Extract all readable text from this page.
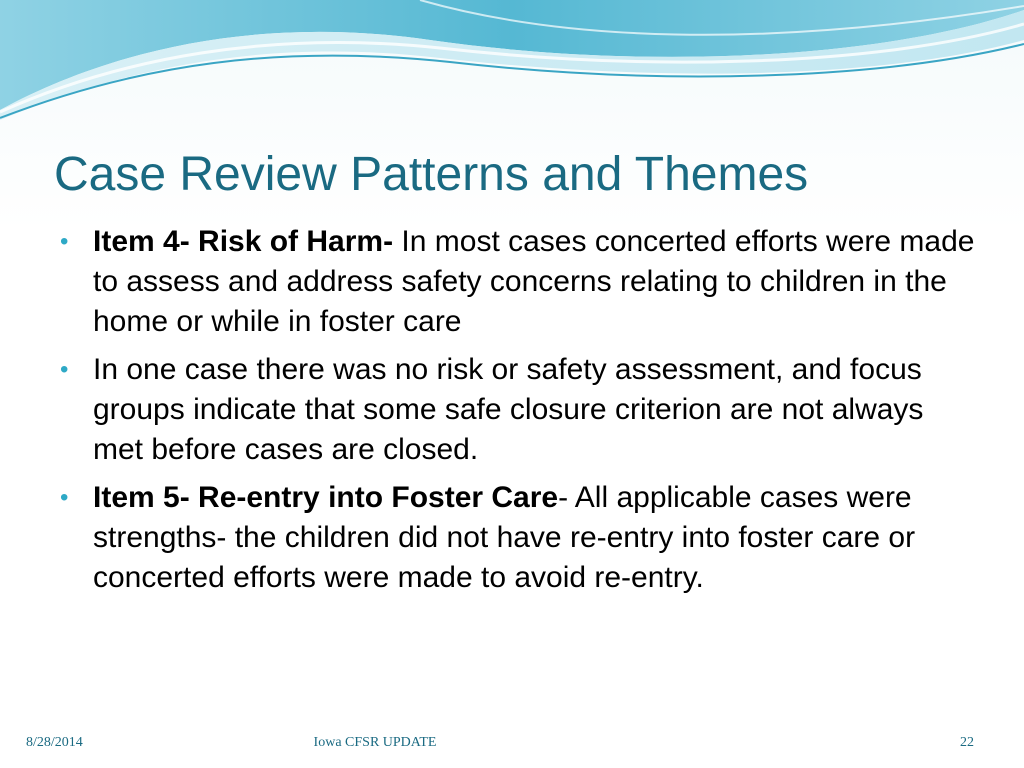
Case Review Patterns and Themes
• Item 4- Risk of Harm- In most cases concerted efforts were made to assess and address safety concerns relating to children in the home or while in foster care
• In one case there was no risk or safety assessment, and focus groups indicate that some safe closure criterion are not always met before cases are closed.
• Item 5- Re-entry into Foster Care- All applicable cases were strengths- the children did not have re-entry into foster care or concerted efforts were made to avoid re-entry.
8/28/2014	Iowa CFSR UPDATE	22
